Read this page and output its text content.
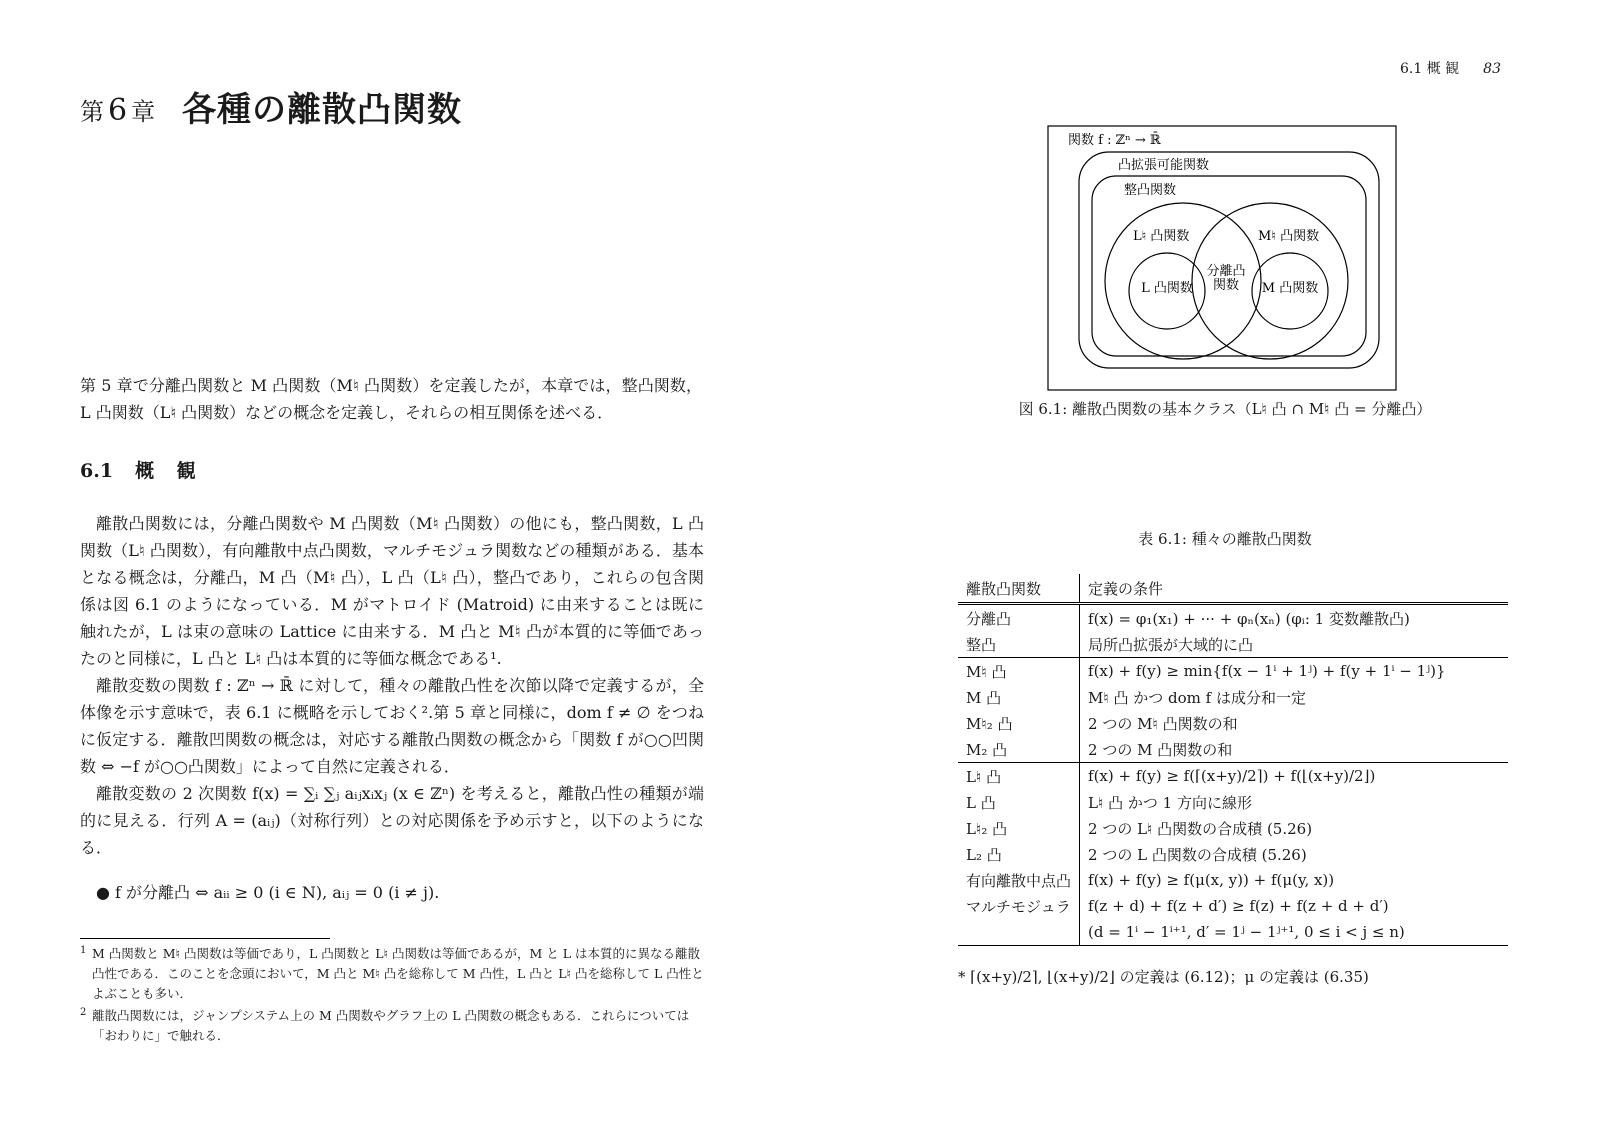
第 6 章 各種の離散凸関数
第 5 章で分離凸関数と M 凸関数（M♮ 凸関数）を定義したが，本章では，整凸関数，L 凸関数（L♮ 凸関数）などの概念を定義し，それらの相互関係を述べる．
6.1 概 観

離散凸関数には，分離凸関数や M 凸関数（M♮ 凸関数）の他にも，整凸関数，L 凸関数（L♮ 凸関数），有向離散中点凸関数，マルチモジュラ関数などの種類がある．基本となる概念は，分離凸，M 凸（M♮ 凸），L 凸（L♮ 凸），整凸であり，これらの包含関係は図 6.1 のようになっている．M がマトロイド (Matroid) に由来することは既に触れたが，L は束の意味の Lattice に由来する．M 凸と M♮ 凸が本質的に等価であったのと同様に，L 凸と L♮ 凸は本質的に等価な概念である¹.

離散変数の関数 f : ℤⁿ → ℝ̄ に対して，種々の離散凸性を次節以降で定義するが，全体像を示す意味で，表 6.1 に概略を示しておく².第 5 章と同様に，dom f ≠ ∅ をつねに仮定する．離散凹関数の概念は，対応する離散凸関数の概念から「関数 f が○○凹関数 ⇔ −f が○○凸関数」によって自然に定義される．

離散変数の 2 次関数 f(x) = ∑ᵢ ∑ⱼ aᵢⱼxᵢxⱼ (x ∈ ℤⁿ) を考えると，離散凸性の種類が端的に見える．行列 A = (aᵢⱼ)（対称行列）との対応関係を予め示すと，以下のようになる．

● f が分離凸 ⇔ aᵢᵢ ≥ 0 (i ∈ N), aᵢⱼ = 0 (i ≠ j).
1 M 凸関数と M♮ 凸関数は等価であり，L 凸関数と L♮ 凸関数は等価であるが，M と L は本質的に異なる離散凸性である．このことを念頭において，M 凸と M♮ 凸を総称して M 凸性，L 凸と L♮ 凸を総称して L 凸性とよぶことも多い．
2 離散凸関数には，ジャンプシステム上の M 凸関数やグラフ上の L 凸関数の概念もある．これらについては「おわりに」で触れる．
6.1 概 観 83
関数 f : ℤⁿ → ℝ̄
凸拡張可能関数
整凸関数
L♮ 凸関数	M♮ 凸関数
分離凸
関数
L 凸関数	M 凸関数
図 6.1: 離散凸関数の基本クラス（L♮ 凸 ∩ M♮ 凸 = 分離凸）
表 6.1: 種々の離散凸関数
離散凸関数	定義の条件
分離凸	f(x) = φ₁(x₁) + ··· + φₙ(xₙ) (φᵢ: 1 変数離散凸)
整凸	局所凸拡張が大域的に凸
M♮ 凸	f(x) + f(y) ≥ min{f(x − 1ⁱ + 1ʲ) + f(y + 1ⁱ − 1ʲ)}
M 凸	M♮ 凸 かつ dom f は成分和一定
M♮₂ 凸	2 つの M♮ 凸関数の和
M₂ 凸	2 つの M 凸関数の和
L♮ 凸	f(x) + f(y) ≥ f(⌈(x+y)/2⌉) + f(⌊(x+y)/2⌋)
L 凸	L♮ 凸 かつ 1 方向に線形
L♮₂ 凸	2 つの L♮ 凸関数の合成積 (5.26)
L₂ 凸	2 つの L 凸関数の合成積 (5.26)
有向離散中点凸	f(x) + f(y) ≥ f(μ(x, y)) + f(μ(y, x))
マルチモジュラ	f(z + d) + f(z + d′) ≥ f(z) + f(z + d + d′)
	(d = 1ⁱ − 1ⁱ⁺¹, d′ = 1ʲ − 1ʲ⁺¹, 0 ≤ i < j ≤ n)
* ⌈(x+y)/2⌉, ⌊(x+y)/2⌋ の定義は (6.12)；μ の定義は (6.35)
